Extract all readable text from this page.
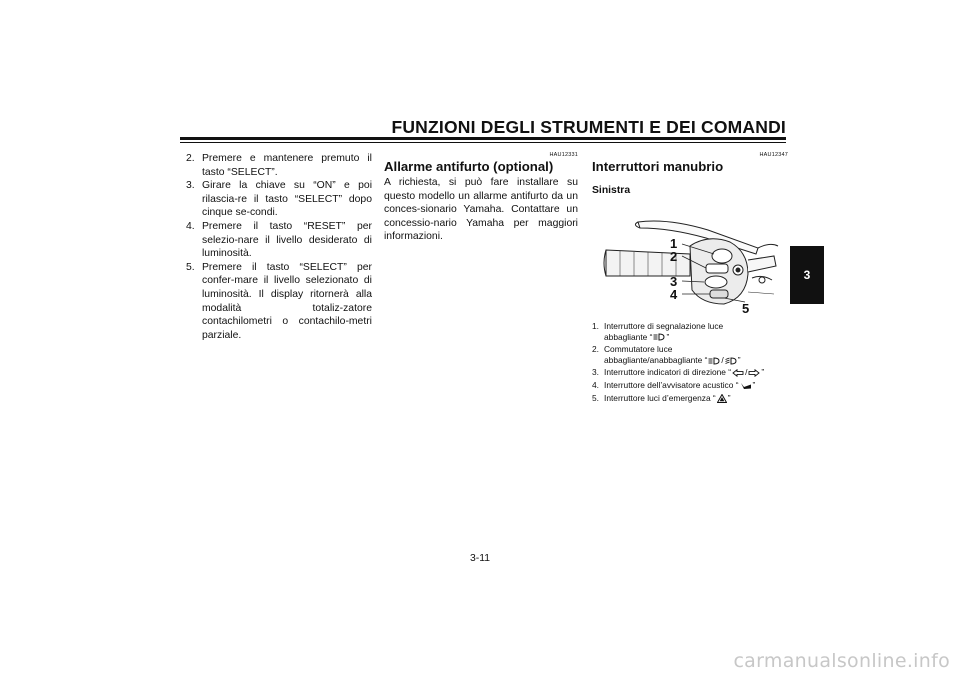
FUNZIONI DEGLI STRUMENTI E DEI COMANDI
3
2. Premere e mantenere premuto il tasto “SELECT”.
3. Girare la chiave su “ON” e poi rilascia-re il tasto “SELECT” dopo cinque se-condi.
4. Premere il tasto “RESET” per selezio-nare il livello desiderato di luminosità.
5. Premere il tasto “SELECT” per confer-mare il livello selezionato di luminosità. Il display ritornerà alla modalità totaliz-zatore contachilometri o contachilo-metri parziale.
HAU12331
Allarme antifurto (optional)
A richiesta, si può fare installare su questo modello un allarme antifurto da un conces-sionario Yamaha. Contattare un concessio-nario Yamaha per maggiori informazioni.
HAU12347
Interruttori manubrio
Sinistra
1
2
3
4
5
1. Interruttore di segnalazione luce
abbagliante “ ”
2. Commutatore luce
abbagliante/anabbagliante “ / ”
3. Interruttore indicatori di direzione “ / ”
4. Interruttore dell’avvisatore acustico “ ”
5. Interruttore luci d’emergenza “ ”
3-11
carmanualsonline.info
